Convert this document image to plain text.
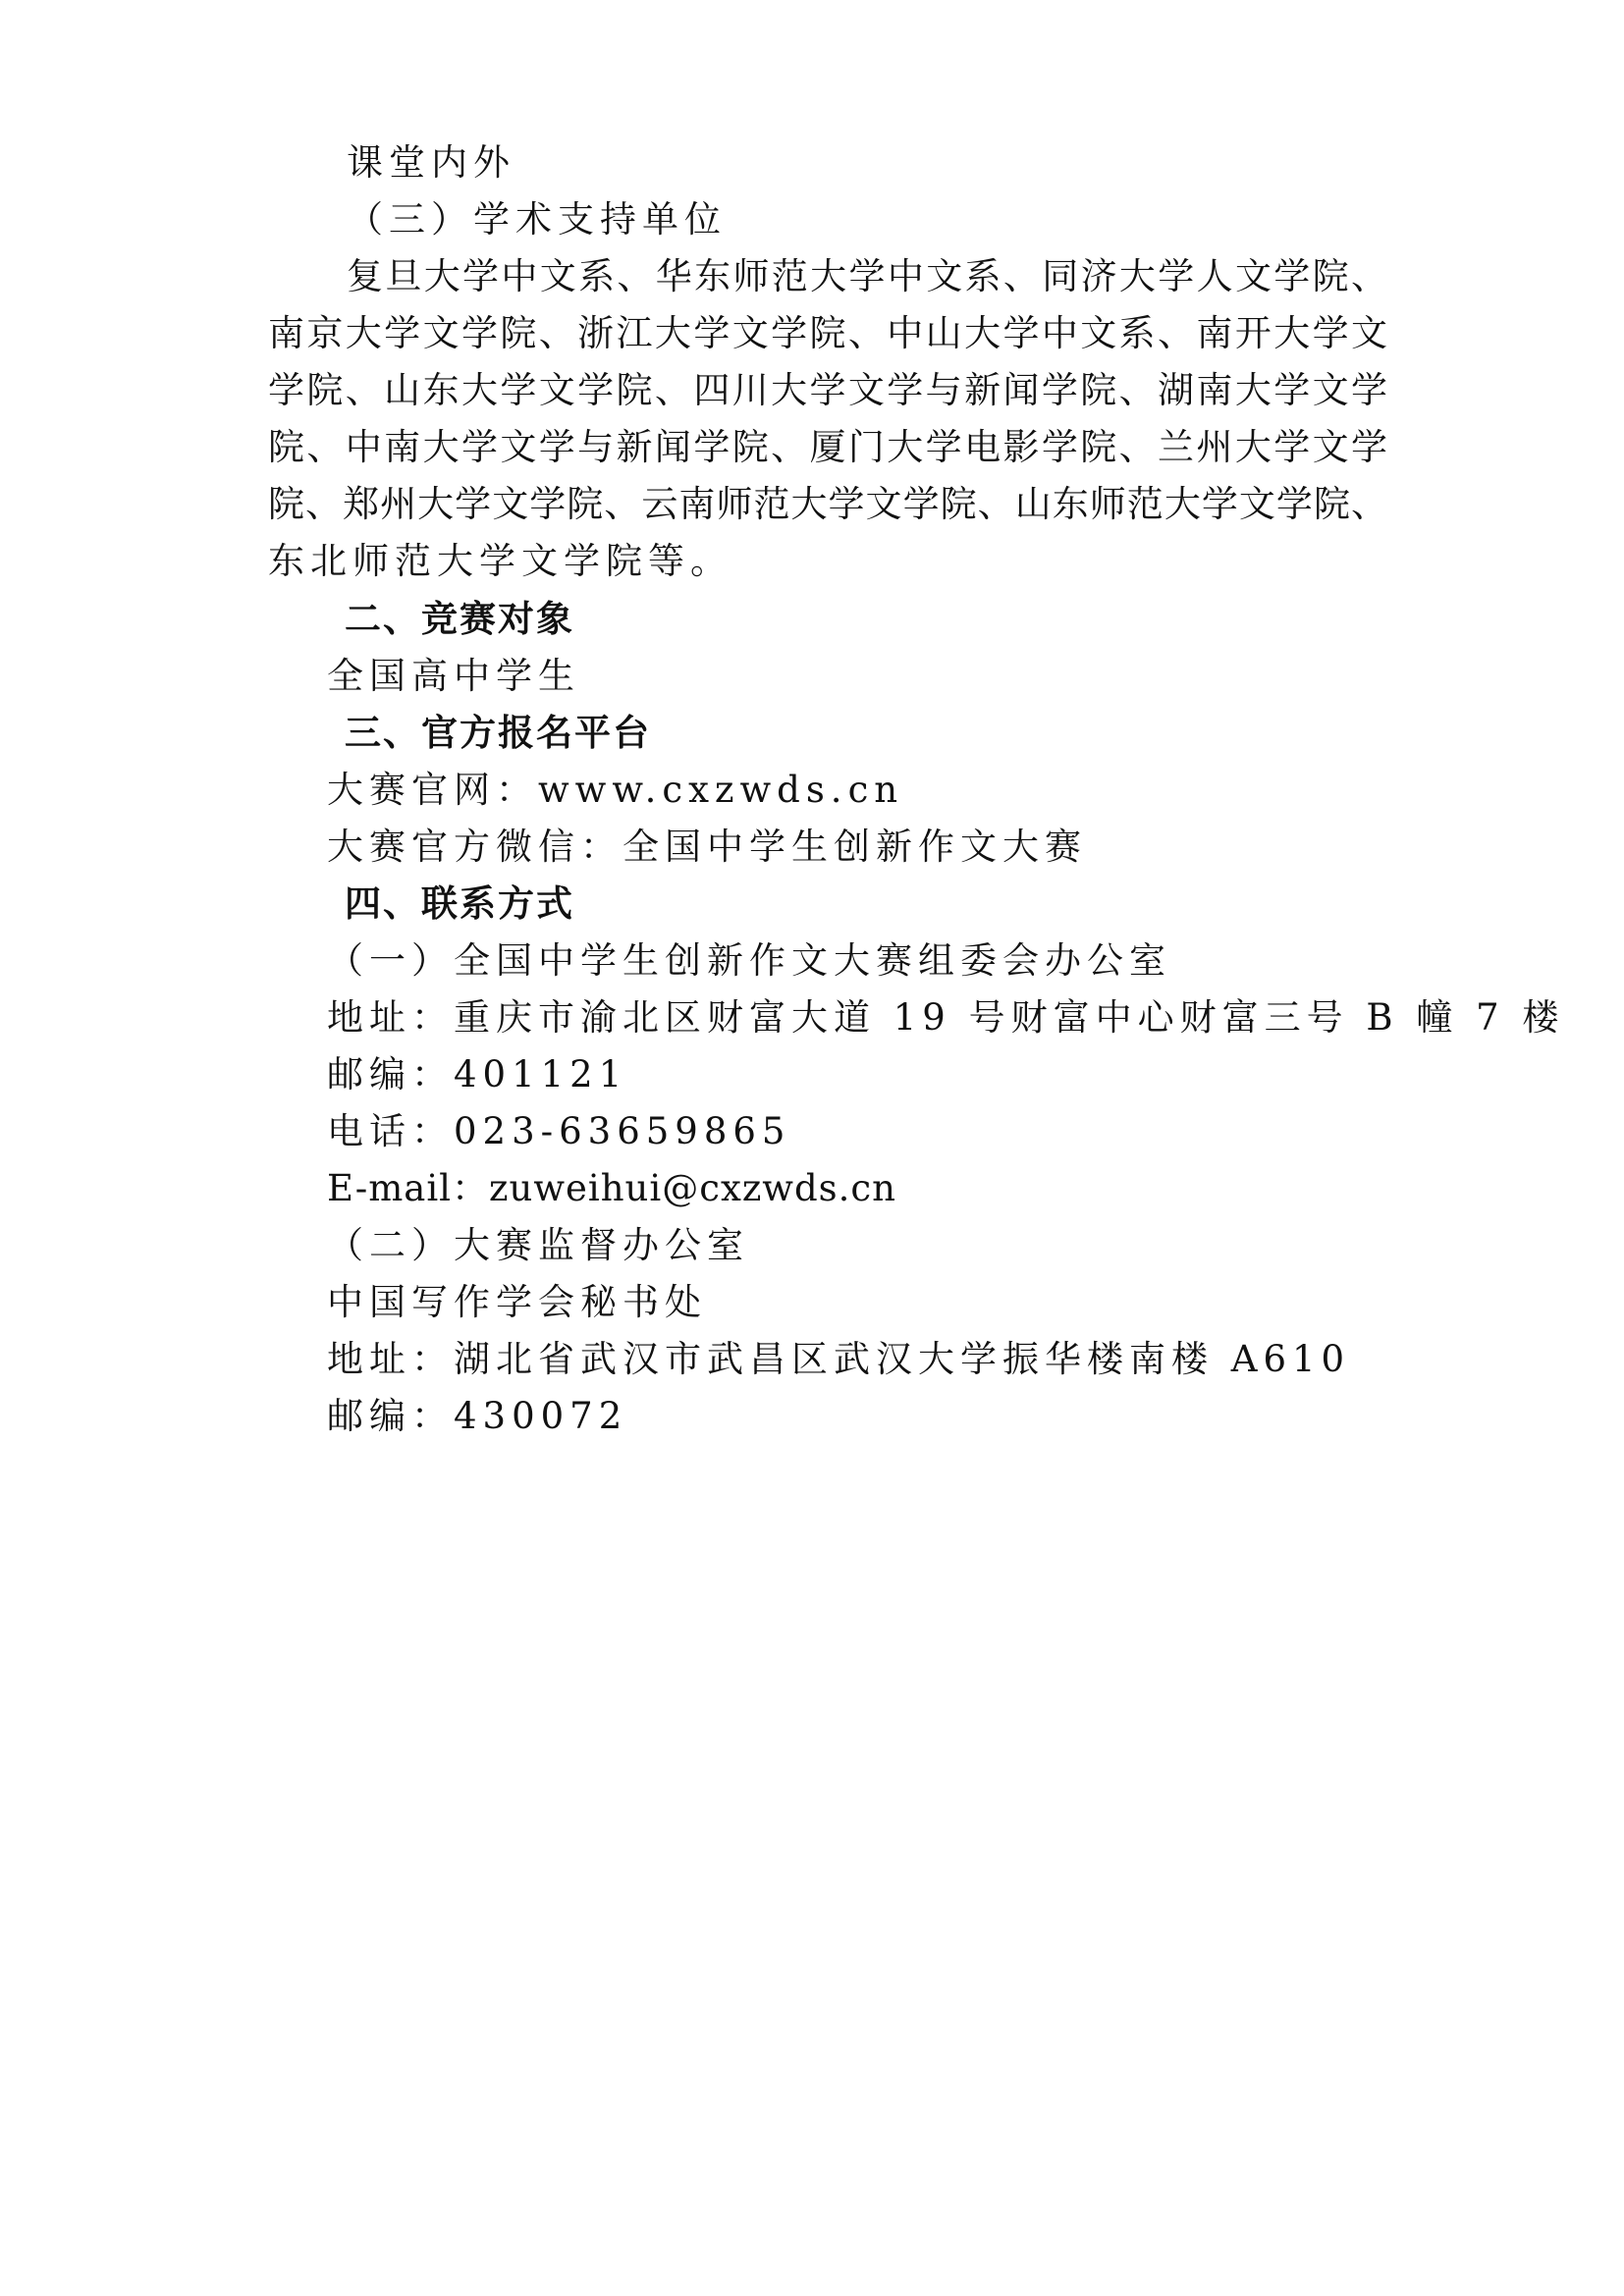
课堂内外
（三）学术支持单位
复旦大学中文系、华东师范大学中文系、同济大学人文学院、
南京大学文学院、浙江大学文学院、中山大学中文系、南开大学文
学院、山东大学文学院、四川大学文学与新闻学院、湖南大学文学
院、中南大学文学与新闻学院、厦门大学电影学院、兰州大学文学
院、郑州大学文学院、云南师范大学文学院、山东师范大学文学院、
东北师范大学文学院等。
二、竞赛对象
全国高中学生
三、官方报名平台
大赛官网：www.cxzwds.cn
大赛官方微信：全国中学生创新作文大赛
四、联系方式
（一）全国中学生创新作文大赛组委会办公室
地址：重庆市渝北区财富大道 19 号财富中心财富三号 B 幢 7 楼
邮编：401121
电话：023-63659865
E-mail：zuweihui@cxzwds.cn
（二）大赛监督办公室
中国写作学会秘书处
地址：湖北省武汉市武昌区武汉大学振华楼南楼 A610
邮编：430072
